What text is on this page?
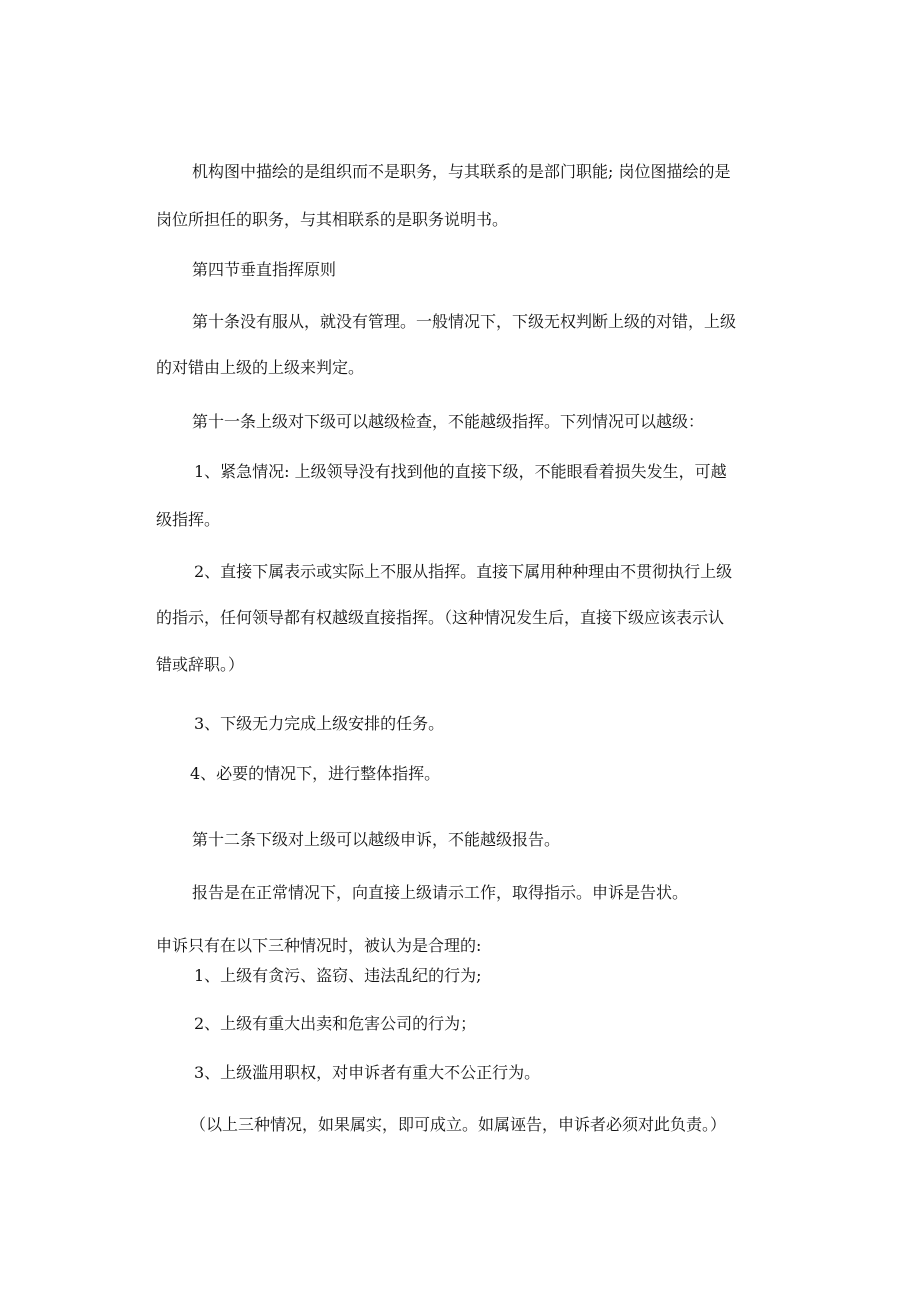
机构图中描绘的是组织而不是职务，与其联系的是部门职能; 岗位图描绘的是

岗位所担任的职务，与其相联系的是职务说明书。

第四节垂直指挥原则

第十条没有服从，就没有管理。一般情况下，下级无权判断上级的对错，上级

的对错由上级的上级来判定。

第十一条上级对下级可以越级检查，不能越级指挥。下列情况可以越级：

1、紧急情况: 上级领导没有找到他的直接下级，不能眼看着损失发生，可越

级指挥。

2、直接下属表示或实际上不服从指挥。直接下属用种种理由不贯彻执行上级

的指示，任何领导都有权越级直接指挥。（这种情况发生后，直接下级应该表示认

错或辞职。）

3、下级无力完成上级安排的任务。

4、必要的情况下，进行整体指挥。

第十二条下级对上级可以越级申诉，不能越级报告。

报告是在正常情况下，向直接上级请示工作，取得指示。申诉是告状。

申诉只有在以下三种情况时，被认为是合理的:

1、上级有贪污、盗窃、违法乱纪的行为;

2、上级有重大出卖和危害公司的行为；

3、上级滥用职权，对申诉者有重大不公正行为。

（以上三种情况，如果属实，即可成立。如属诬告，申诉者必须对此负责。）
